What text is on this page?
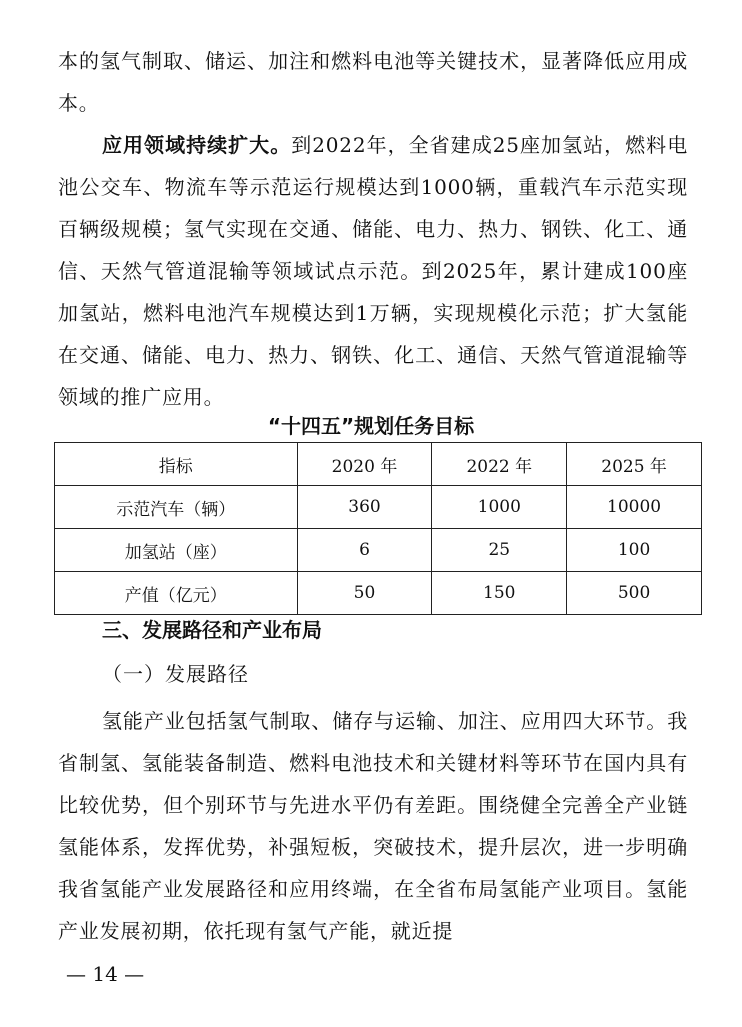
本的氢气制取、储运、加注和燃料电池等关键技术，显著降低应用成本。

应用领域持续扩大。到2022年，全省建成25座加氢站，燃料电池公交车、物流车等示范运行规模达到1000辆，重载汽车示范实现百辆级规模；氢气实现在交通、储能、电力、热力、钢铁、化工、通信、天然气管道混输等领域试点示范。到2025年，累计建成100座加氢站，燃料电池汽车规模达到1万辆，实现规模化示范；扩大氢能在交通、储能、电力、热力、钢铁、化工、通信、天然气管道混输等领域的推广应用。

“十四五”规划任务目标
指标	2020 年	2022 年	2025 年
示范汽车（辆）	360	1000	10000
加氢站（座）	6	25	100
产值（亿元）	50	150	500
三、发展路径和产业布局
（一）发展路径

氢能产业包括氢气制取、储存与运输、加注、应用四大环节。我省制氢、氢能装备制造、燃料电池技术和关键材料等环节在国内具有比较优势，但个别环节与先进水平仍有差距。围绕健全完善全产业链氢能体系，发挥优势，补强短板，突破技术，提升层次，进一步明确我省氢能产业发展路径和应用终端，在全省布局氢能产业项目。氢能产业发展初期，依托现有氢气产能，就近提

— 14 —
